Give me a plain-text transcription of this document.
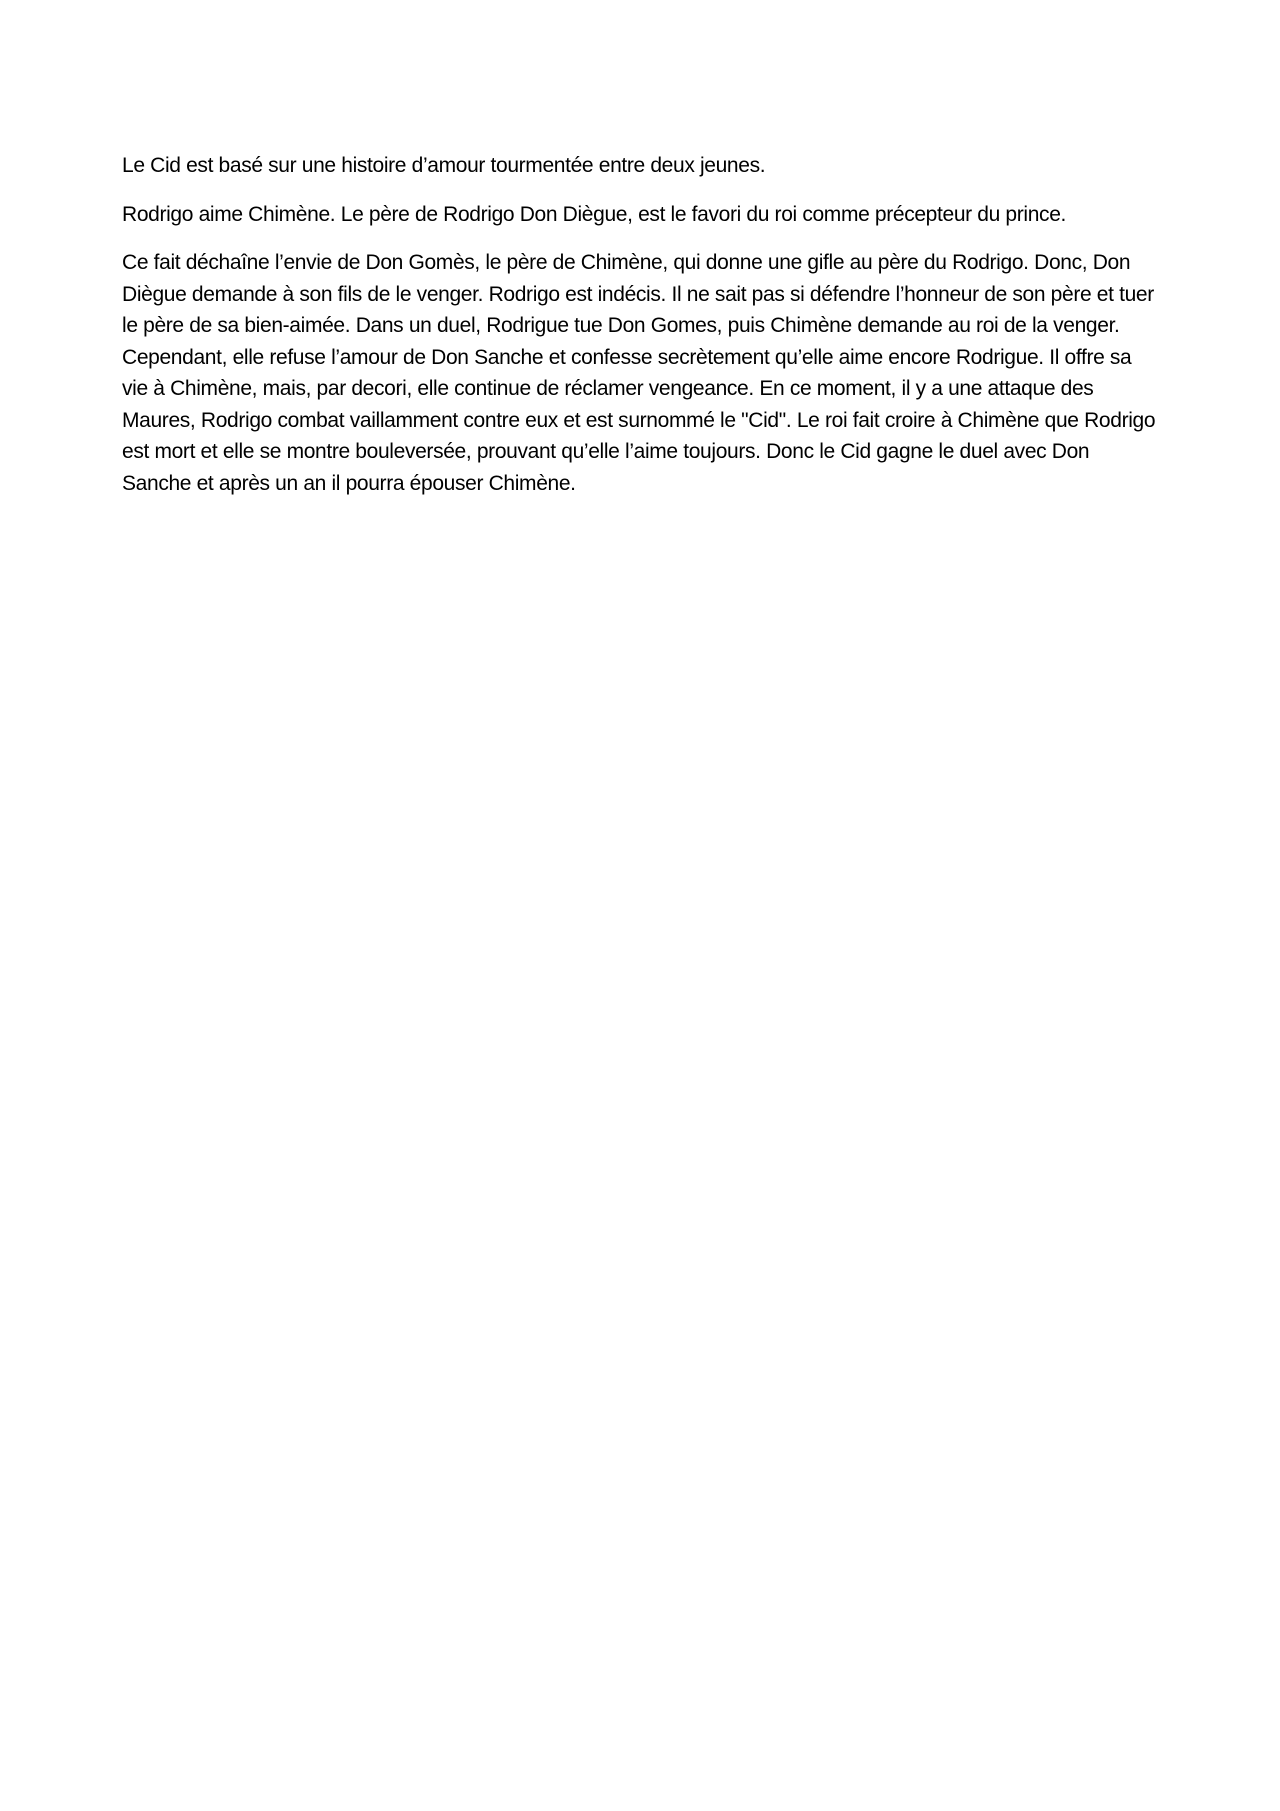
Le Cid est basé sur une histoire d’amour tourmentée entre deux jeunes.

Rodrigo aime Chimène. Le père de Rodrigo Don Diègue, est le favori du roi comme précepteur du prince.

Ce fait déchaîne l’envie de Don Gomès, le père de Chimène, qui donne une gifle au père du Rodrigo. Donc, Don Diègue demande à son fils de le venger. Rodrigo est indécis. Il ne sait pas si défendre l’honneur de son père et tuer le père de sa bien-aimée. Dans un duel, Rodrigue tue Don Gomes, puis Chimène demande au roi de la venger. Cependant, elle refuse l’amour de Don Sanche et confesse secrètement qu’elle aime encore Rodrigue. Il offre sa vie à Chimène, mais, par decori, elle continue de réclamer vengeance. En ce moment, il y a une attaque des Maures, Rodrigo combat vaillamment contre eux et est surnommé le "Cid". Le roi fait croire à Chimène que Rodrigo est mort et elle se montre bouleversée, prouvant qu’elle l’aime toujours. Donc le Cid gagne le duel avec Don Sanche et après un an il pourra épouser Chimène.
